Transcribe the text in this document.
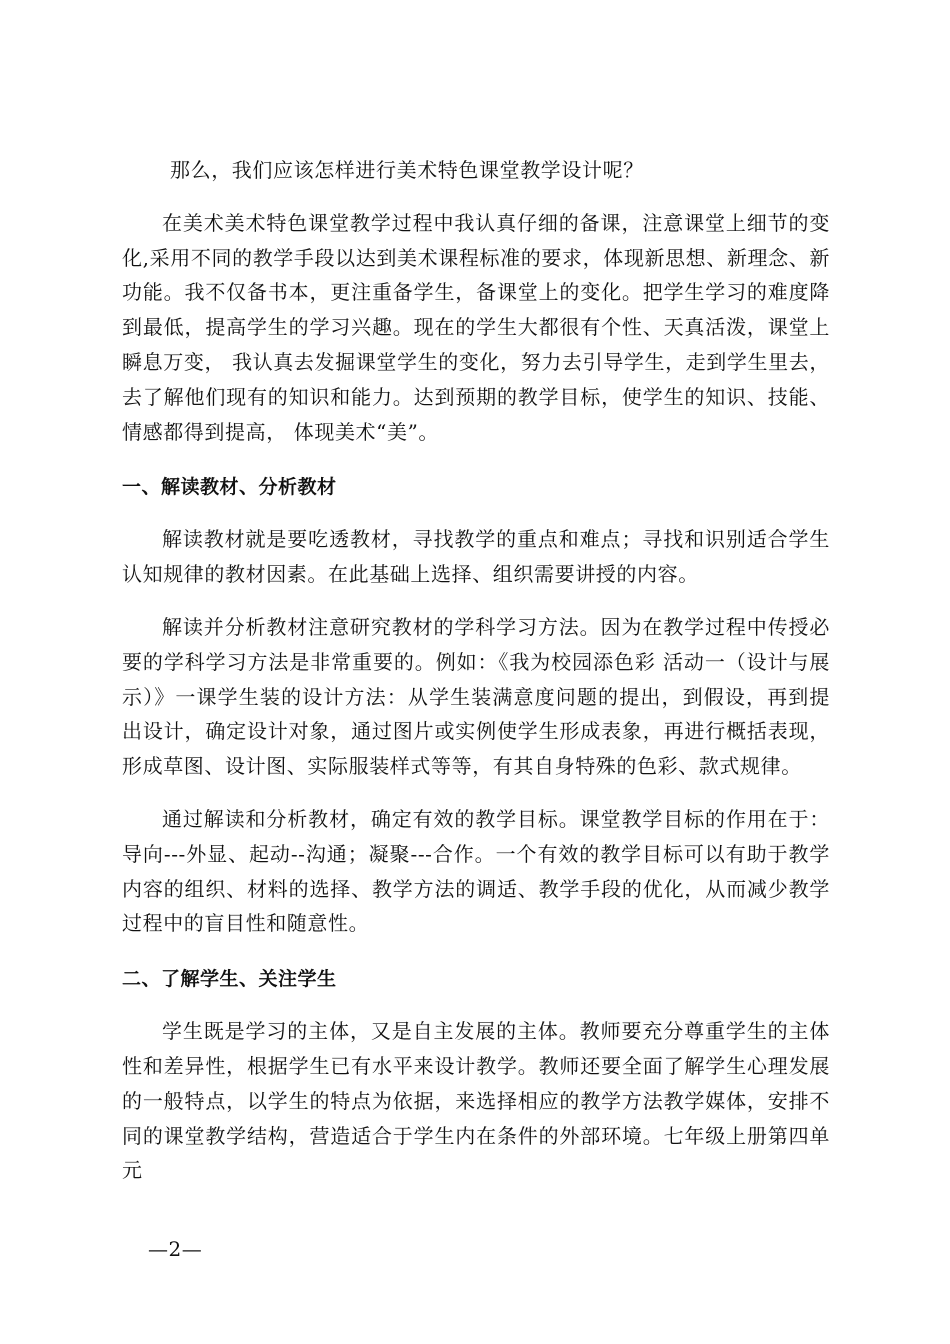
那么，我们应该怎样进行美术特色课堂教学设计呢？

在美术美术特色课堂教学过程中我认真仔细的备课，注意课堂上细节的变化,采用不同的教学手段以达到美术课程标准的要求，体现新思想、新理念、新功能。我不仅备书本，更注重备学生，备课堂上的变化。把学生学习的难度降到最低，提高学生的学习兴趣。现在的学生大都很有个性、天真活泼，课堂上瞬息万变， 我认真去发掘课堂学生的变化，努力去引导学生，走到学生里去，去了解他们现有的知识和能力。达到预期的教学目标，使学生的知识、技能、情感都得到提高， 体现美术“美”。

一、解读教材、分析教材

解读教材就是要吃透教材，寻找教学的重点和难点；寻找和识别适合学生认知规律的教材因素。在此基础上选择、组织需要讲授的内容。

解读并分析教材注意研究教材的学科学习方法。因为在教学过程中传授必要的学科学习方法是非常重要的。例如：《我为校园添色彩 活动一（设计与展示）》一课学生装的设计方法：从学生装满意度问题的提出，到假设，再到提出设计，确定设计对象，通过图片或实例使学生形成表象，再进行概括表现，形成草图、设计图、实际服装样式等等，有其自身特殊的色彩、款式规律。

通过解读和分析教材，确定有效的教学目标。课堂教学目标的作用在于：导向---外显、起动--沟通；凝聚---合作。一个有效的教学目标可以有助于教学内容的组织、材料的选择、教学方法的调适、教学手段的优化，从而减少教学过程中的盲目性和随意性。

二、了解学生、关注学生

学生既是学习的主体，又是自主发展的主体。教师要充分尊重学生的主体性和差异性，根据学生已有水平来设计教学。教师还要全面了解学生心理发展的一般特点，以学生的特点为依据，来选择相应的教学方法教学媒体，安排不同的课堂教学结构，营造适合于学生内在条件的外部环境。七年级上册第四单元

—2—
